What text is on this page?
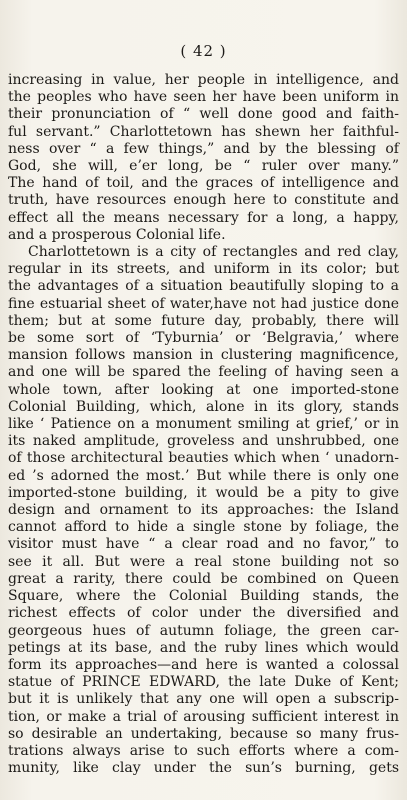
( 42 )

increasing in value, her people in intelligence, and
the peoples who have seen her have been uniform in
their pronunciation of “ well done good and faith-
ful servant.” Charlottetown has shewn her faithful-
ness over “ a few things,” and by the blessing of
God, she will, e’er long, be “ ruler over many.”
The hand of toil, and the graces of intelligence and
truth, have resources enough here to constitute and
effect all the means necessary for a long, a happy,
and a prosperous Colonial life.

Charlottetown is a city of rectangles and red clay,
regular in its streets, and uniform in its color; but
the advantages of a situation beautifully sloping to a
fine estuarial sheet of water,have not had justice done
them; but at some future day, probably, there will
be some sort of ‘Tyburnia’ or ‘Belgravia,’ where
mansion follows mansion in clustering magnificence,
and one will be spared the feeling of having seen a
whole town, after looking at one imported-stone
Colonial Building, which, alone in its glory, stands
like ‘ Patience on a monument smiling at grief,’ or in
its naked amplitude, groveless and unshrubbed, one
of those architectural beauties which when ‘ unadorn-
ed ’s adorned the most.’ But while there is only one
imported-stone building, it would be a pity to give
design and ornament to its approaches: the Island
cannot afford to hide a single stone by foliage, the
visitor must have “ a clear road and no favor,” to
see it all. But were a real stone building not so
great a rarity, there could be combined on Queen
Square, where the Colonial Building stands, the
richest effects of color under the diversified and
georgeous hues of autumn foliage, the green car-
petings at its base, and the ruby lines which would
form its approaches—and here is wanted a colossal
statue of PRINCE EDWARD, the late Duke of Kent;
but it is unlikely that any one will open a subscrip-
tion, or make a trial of arousing sufficient interest in
so desirable an undertaking, because so many frus-
trations always arise to such efforts where a com-
munity, like clay under the sun’s burning, gets
